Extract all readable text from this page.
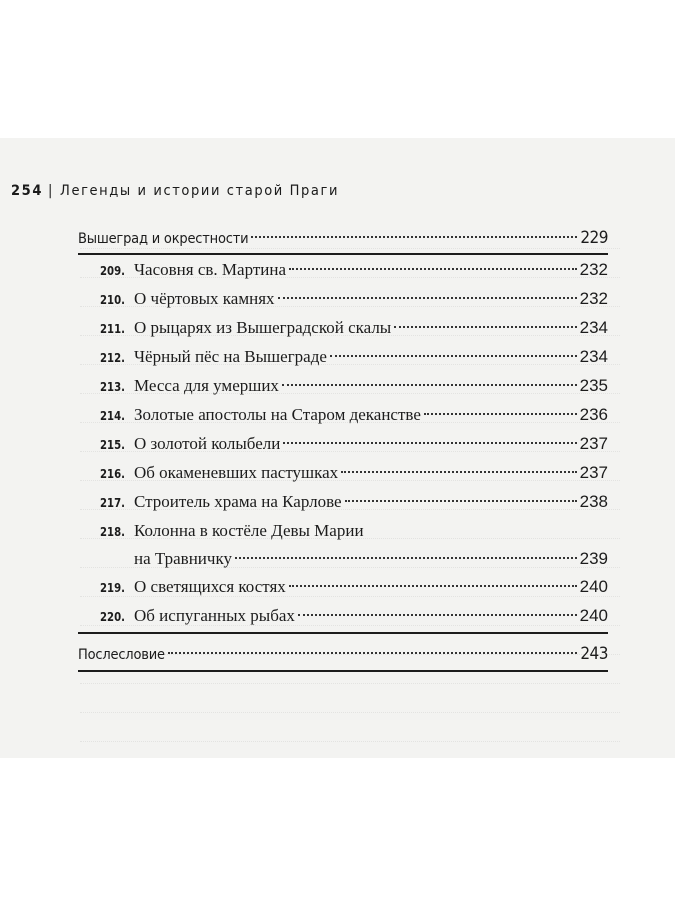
254 | Легенды и истории старой Праги
Вышеград и окрестности	229
209. Часовня св. Мартина	232
210. О чёртовых камнях	232
211. О рыцарях из Вышеградской скалы	234
212. Чёрный пёс на Вышеграде	234
213. Месса для умерших	235
214. Золотые апостолы на Старом деканстве	236
215. О золотой колыбели	237
216. Об окаменевших пастушках	237
217. Строитель храма на Карлове	238
218. Колонна в костёле Девы Марии
на Травничку	239
219. О светящихся костях	240
220. Об испуганных рыбах	240
Послесловие	243
